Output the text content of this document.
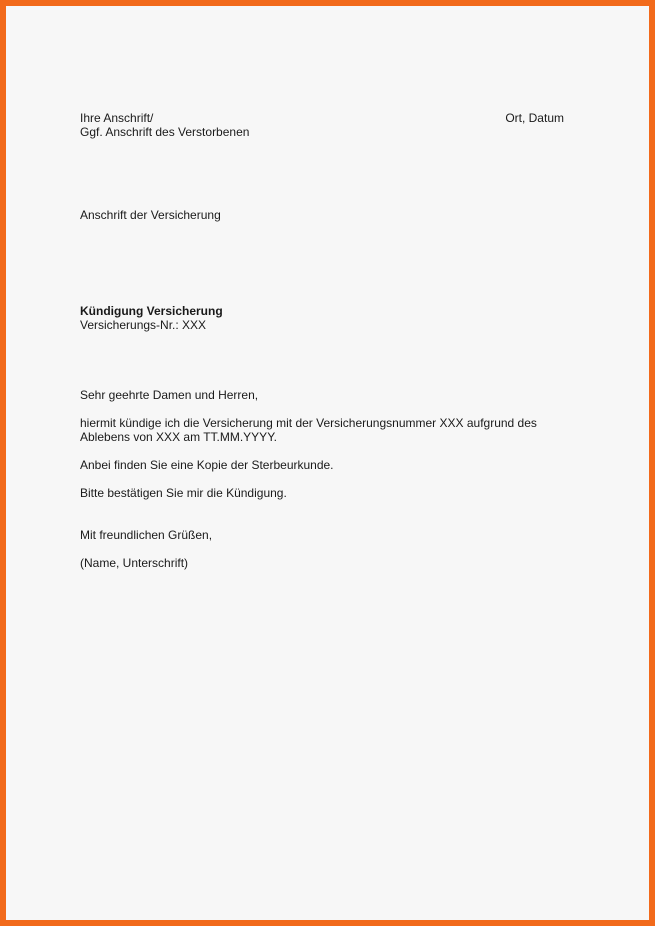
Ihre Anschrift/
Ggf. Anschrift des Verstorbenen
Ort, Datum
Anschrift der Versicherung
Kündigung Versicherung
Versicherungs-Nr.: XXX

Sehr geehrte Damen und Herren,

hiermit kündige ich die Versicherung mit der Versicherungsnummer XXX aufgrund des
Ablebens von XXX am TT.MM.YYYY.

Anbei finden Sie eine Kopie der Sterbeurkunde.

Bitte bestätigen Sie mir die Kündigung.

Mit freundlichen Grüßen,

(Name, Unterschrift)
